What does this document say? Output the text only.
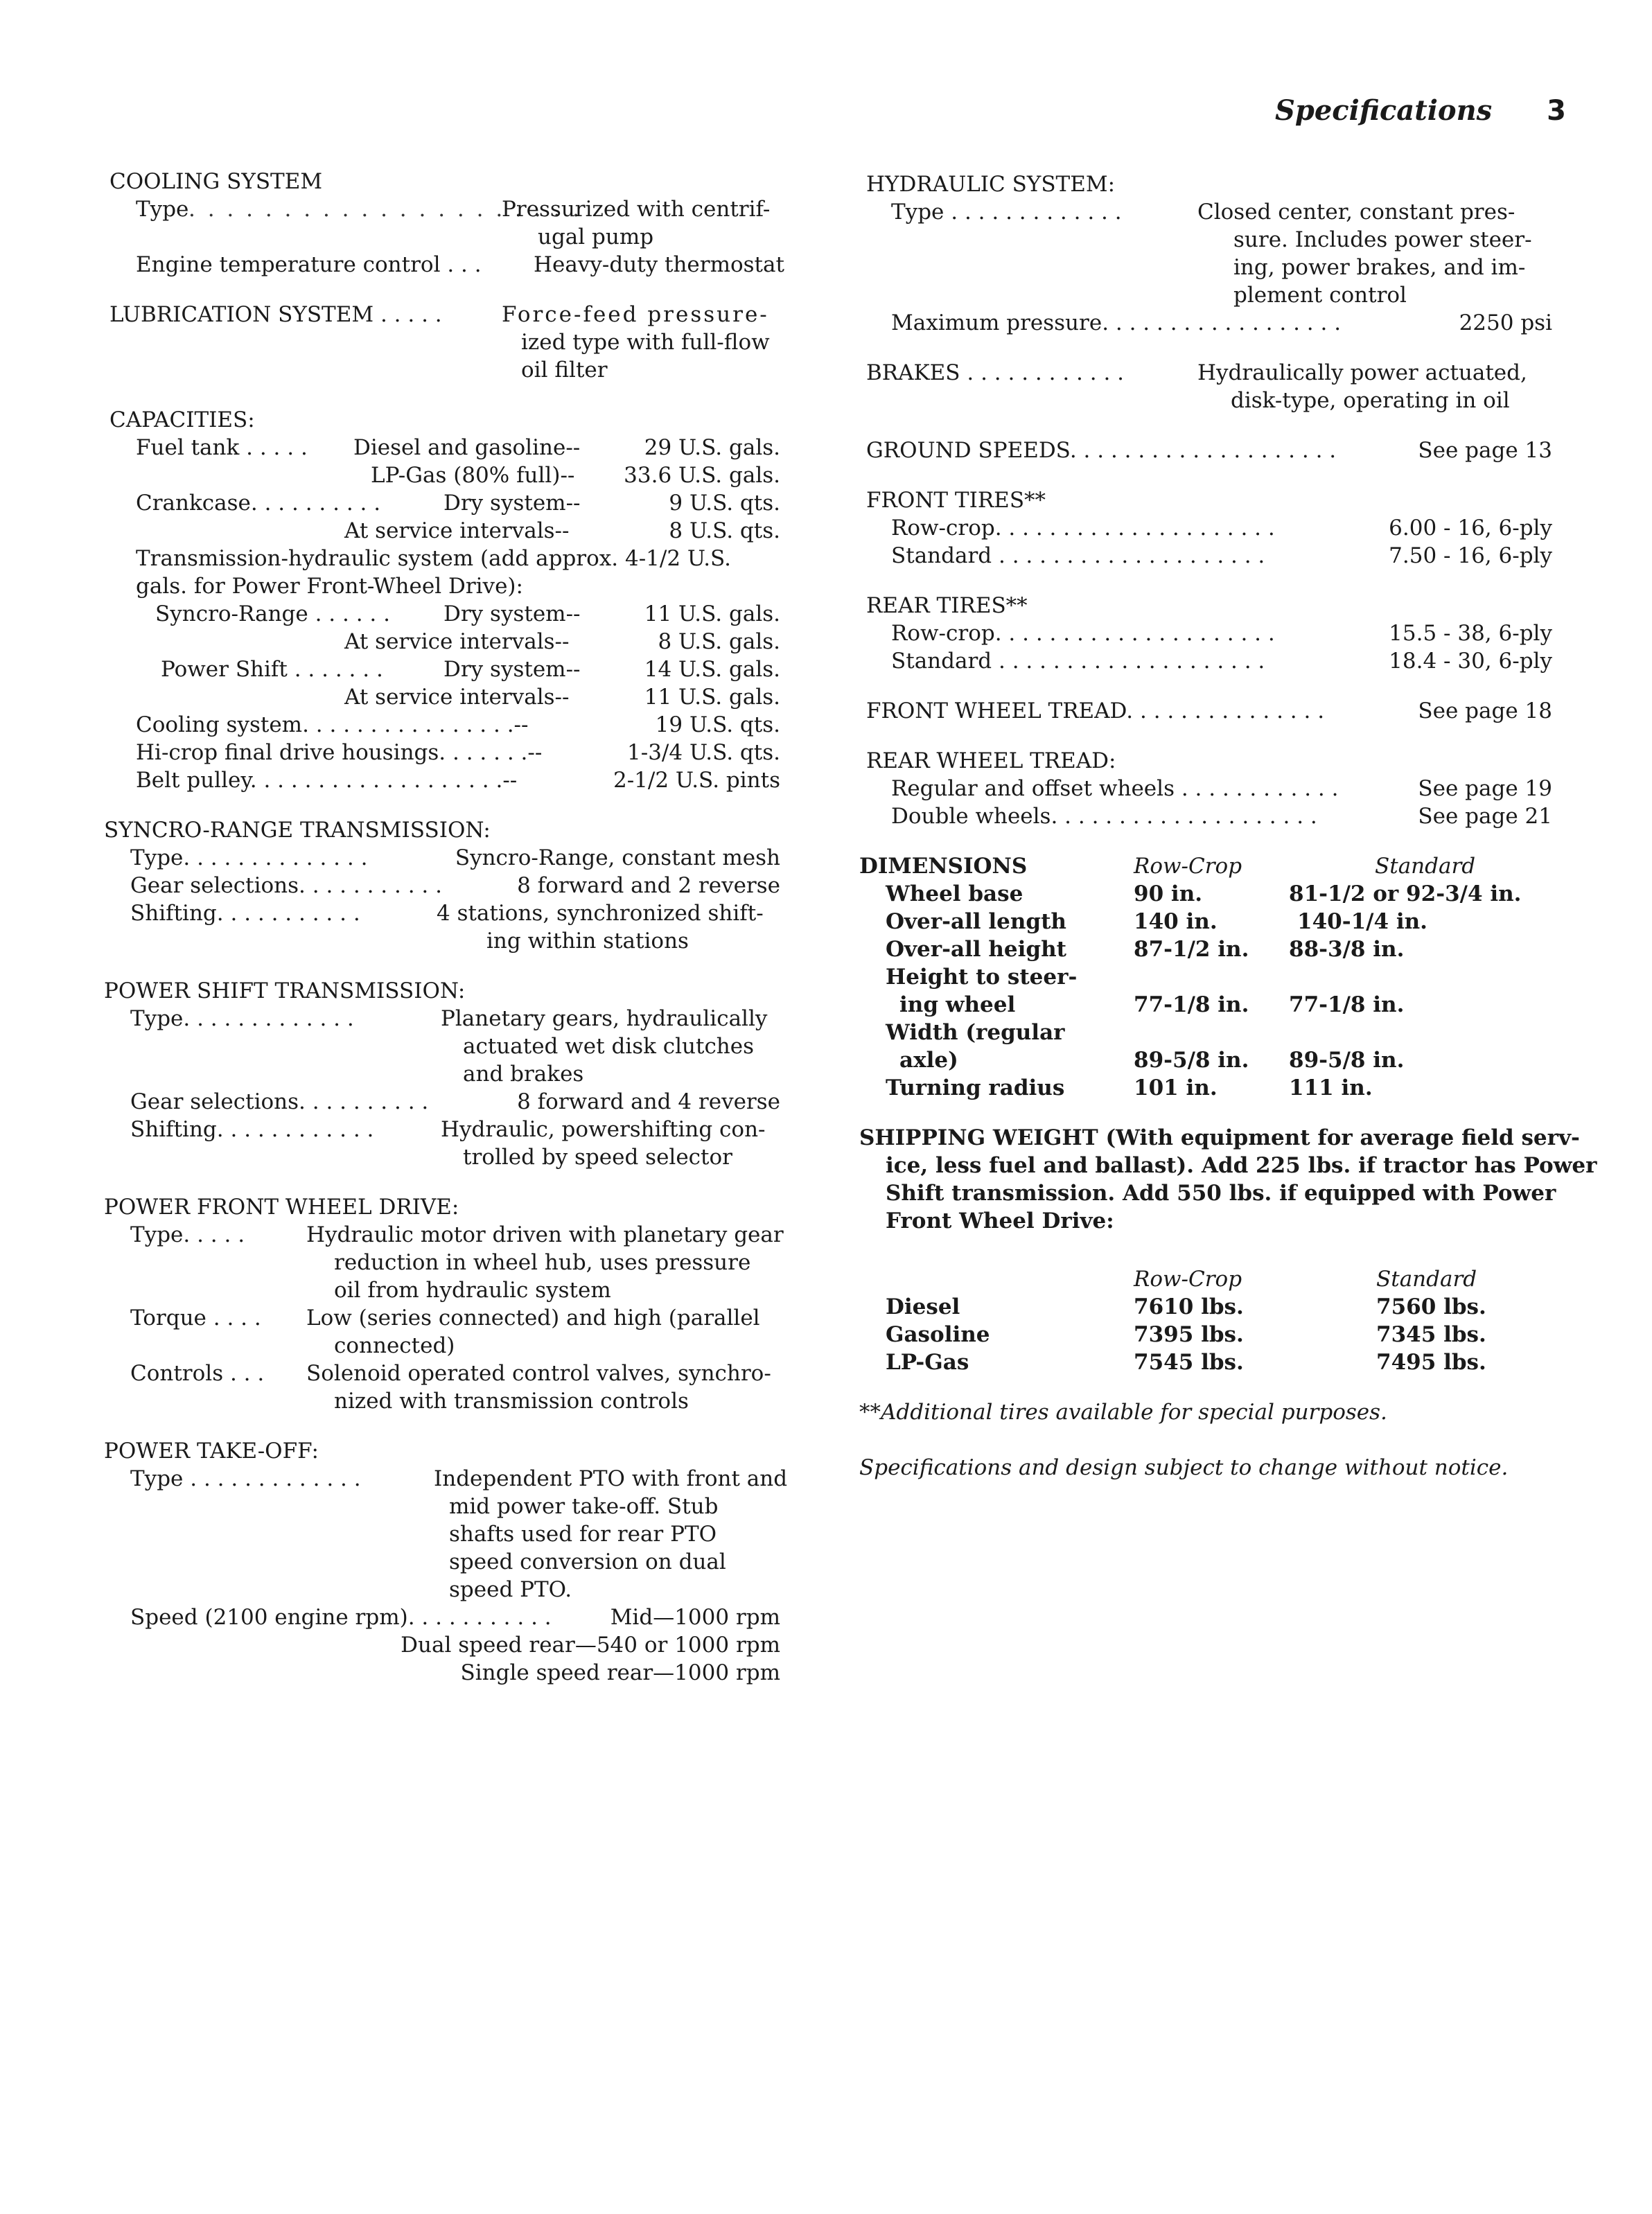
Specifications 3
COOLING SYSTEM
Type . . . . . . . . . . . . . . . . . . . . .
Pressurized with centrif-
ugal pump
Engine temperature control . . . Heavy-duty thermostat
LUBRICATION SYSTEM . . . . .	Force-feed pressure-
ized type with full-flow
oil filter
CAPACITIES:
Fuel tank . . . . . Diesel and gasoline--	29 U.S. gals.
LP-Gas (80% full)-- 33.6 U.S. gals.
Crankcase. . . . . . . . . .	Dry system--	9 U.S. qts.
At service intervals--	8 U.S. qts.
Transmission-hydraulic system (add approx. 4-1/2 U.S.
gals. for Power Front-Wheel Drive):
Syncro-Range . . . . . . Dry system--	11 U.S. gals.
At service intervals--	8 U.S. gals.
Power Shift . . . . . . .	Dry system--	14 U.S. gals.
At service intervals--	11 U.S. gals.
Cooling system. . . . . . . . . . . . . . . .--	19 U.S. qts.
Hi-crop final drive housings. . . . . . .--	1-3/4 U.S. qts.
Belt pulley. . . . . . . . . . . . . . . . . . .--	2-1/2 U.S. pints
SYNCRO-RANGE TRANSMISSION:
Type. . . . . . . . . . . . . .	Syncro-Range, constant mesh
Gear selections. . . . . . . . . . .	8 forward and 2 reverse
Shifting. . . . . . . . . . .	4 stations, synchronized shift-
ing within stations
POWER SHIFT TRANSMISSION:
Type. . . . . . . . . . . . .	Planetary gears, hydraulically
actuated wet disk clutches
and brakes
Gear selections. . . . . . . . . .	8 forward and 4 reverse
Shifting. . . . . . . . . . . .	Hydraulic, powershifting con-
trolled by speed selector
POWER FRONT WHEEL DRIVE:
Type. . . . .	Hydraulic motor driven with planetary gear
reduction in wheel hub, uses pressure
oil from hydraulic system
Torque . . . . Low (series connected) and high (parallel
connected)
Controls . . . Solenoid operated control valves, synchro-
nized with transmission controls
POWER TAKE-OFF:
Type . . . . . . . . . . . . .	Independent PTO with front and
mid power take-off. Stub
shafts used for rear PTO
speed conversion on dual
speed PTO.
Speed (2100 engine rpm). . . . . . . . . . .	Mid—1000 rpm
Dual speed rear—540 or 1000 rpm
Single speed rear—1000 rpm
HYDRAULIC SYSTEM:
Type . . . . . . . . . . . . .	Closed center, constant pres-
sure. Includes power steer-
ing, power brakes, and im-
plement control
Maximum pressure. . . . . . . . . . . . . . . . . .	2250 psi
BRAKES . . . . . . . . . . . .	Hydraulically power actuated,
disk-type, operating in oil
GROUND SPEEDS. . . . . . . . . . . . . . . . . . . .	See page 13
FRONT TIRES**
Row-crop. . . . . . . . . . . . . . . . . . . . .	6.00 - 16, 6-ply
Standard . . . . . . . . . . . . . . . . . . . .	7.50 - 16, 6-ply
REAR TIRES**
Row-crop. . . . . . . . . . . . . . . . . . . . .	15.5 - 38, 6-ply
Standard . . . . . . . . . . . . . . . . . . . .	18.4 - 30, 6-ply
FRONT WHEEL TREAD. . . . . . . . . . . . . . .	See page 18
REAR WHEEL TREAD:
Regular and offset wheels . . . . . . . . . . . .	See page 19
Double wheels. . . . . . . . . . . . . . . . . . . .	See page 21
DIMENSIONS	Row-Crop	Standard
Wheel base	90 in.	81-1/2 or 92-3/4 in.
Over-all length	140 in.	140-1/4 in.
Over-all height	87-1/2 in. 88-3/8 in.
Height to steer-
ing wheel	77-1/8 in. 77-1/8 in.
Width (regular
axle)	89-5/8 in. 89-5/8 in.
Turning radius	101 in.	111 in.
SHIPPING WEIGHT (With equipment for average field serv-
ice, less fuel and ballast). Add 225 lbs. if tractor has Power
Shift transmission. Add 550 lbs. if equipped with Power
Front Wheel Drive:
Row-Crop	Standard
Diesel	7610 lbs.	7560 lbs.
Gasoline	7395 lbs.	7345 lbs.
LP-Gas	7545 lbs.	7495 lbs.
**Additional tires available for special purposes.
Specifications and design subject to change without notice.
